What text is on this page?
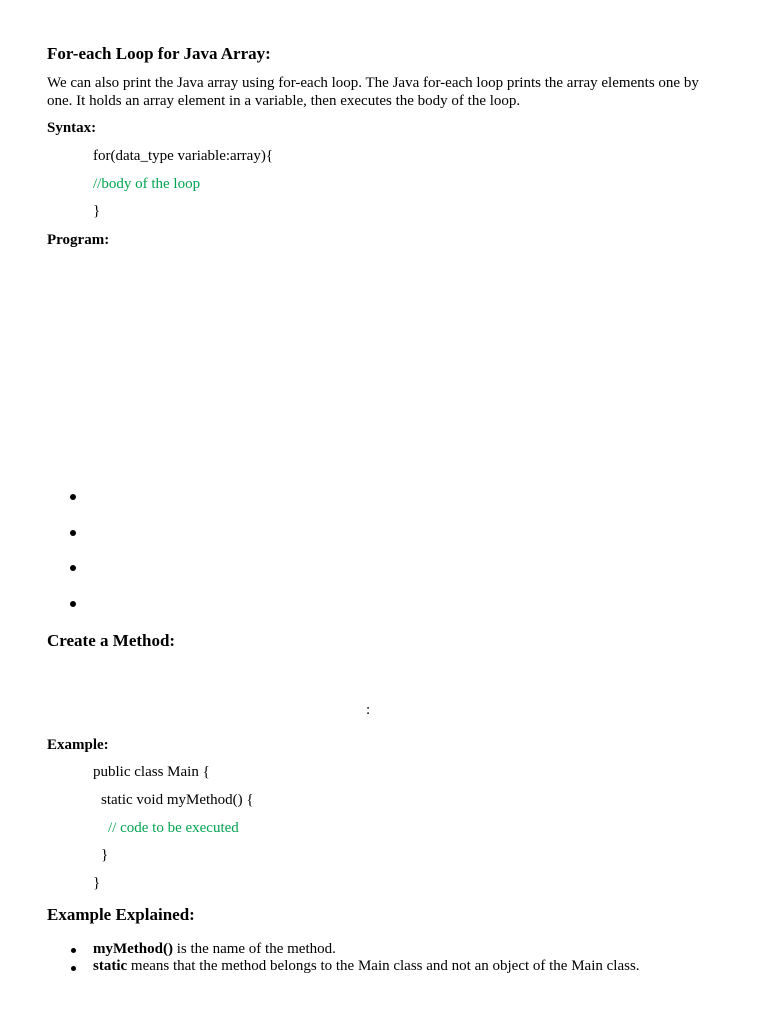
For-each Loop for Java Array:

We can also print the Java array using for-each loop. The Java for-each loop prints the array elements one by one. It holds an array element in a variable, then executes the body of the loop.

Syntax:
for(data_type variable:array){
//body of the loop
}
Program:
Create a Method:
:
Example:
public class Main {
static void myMethod() {
// code to be executed
}
}
Example Explained:
myMethod() is the name of the method.
static means that the method belongs to the Main class and not an object of the Main class.
